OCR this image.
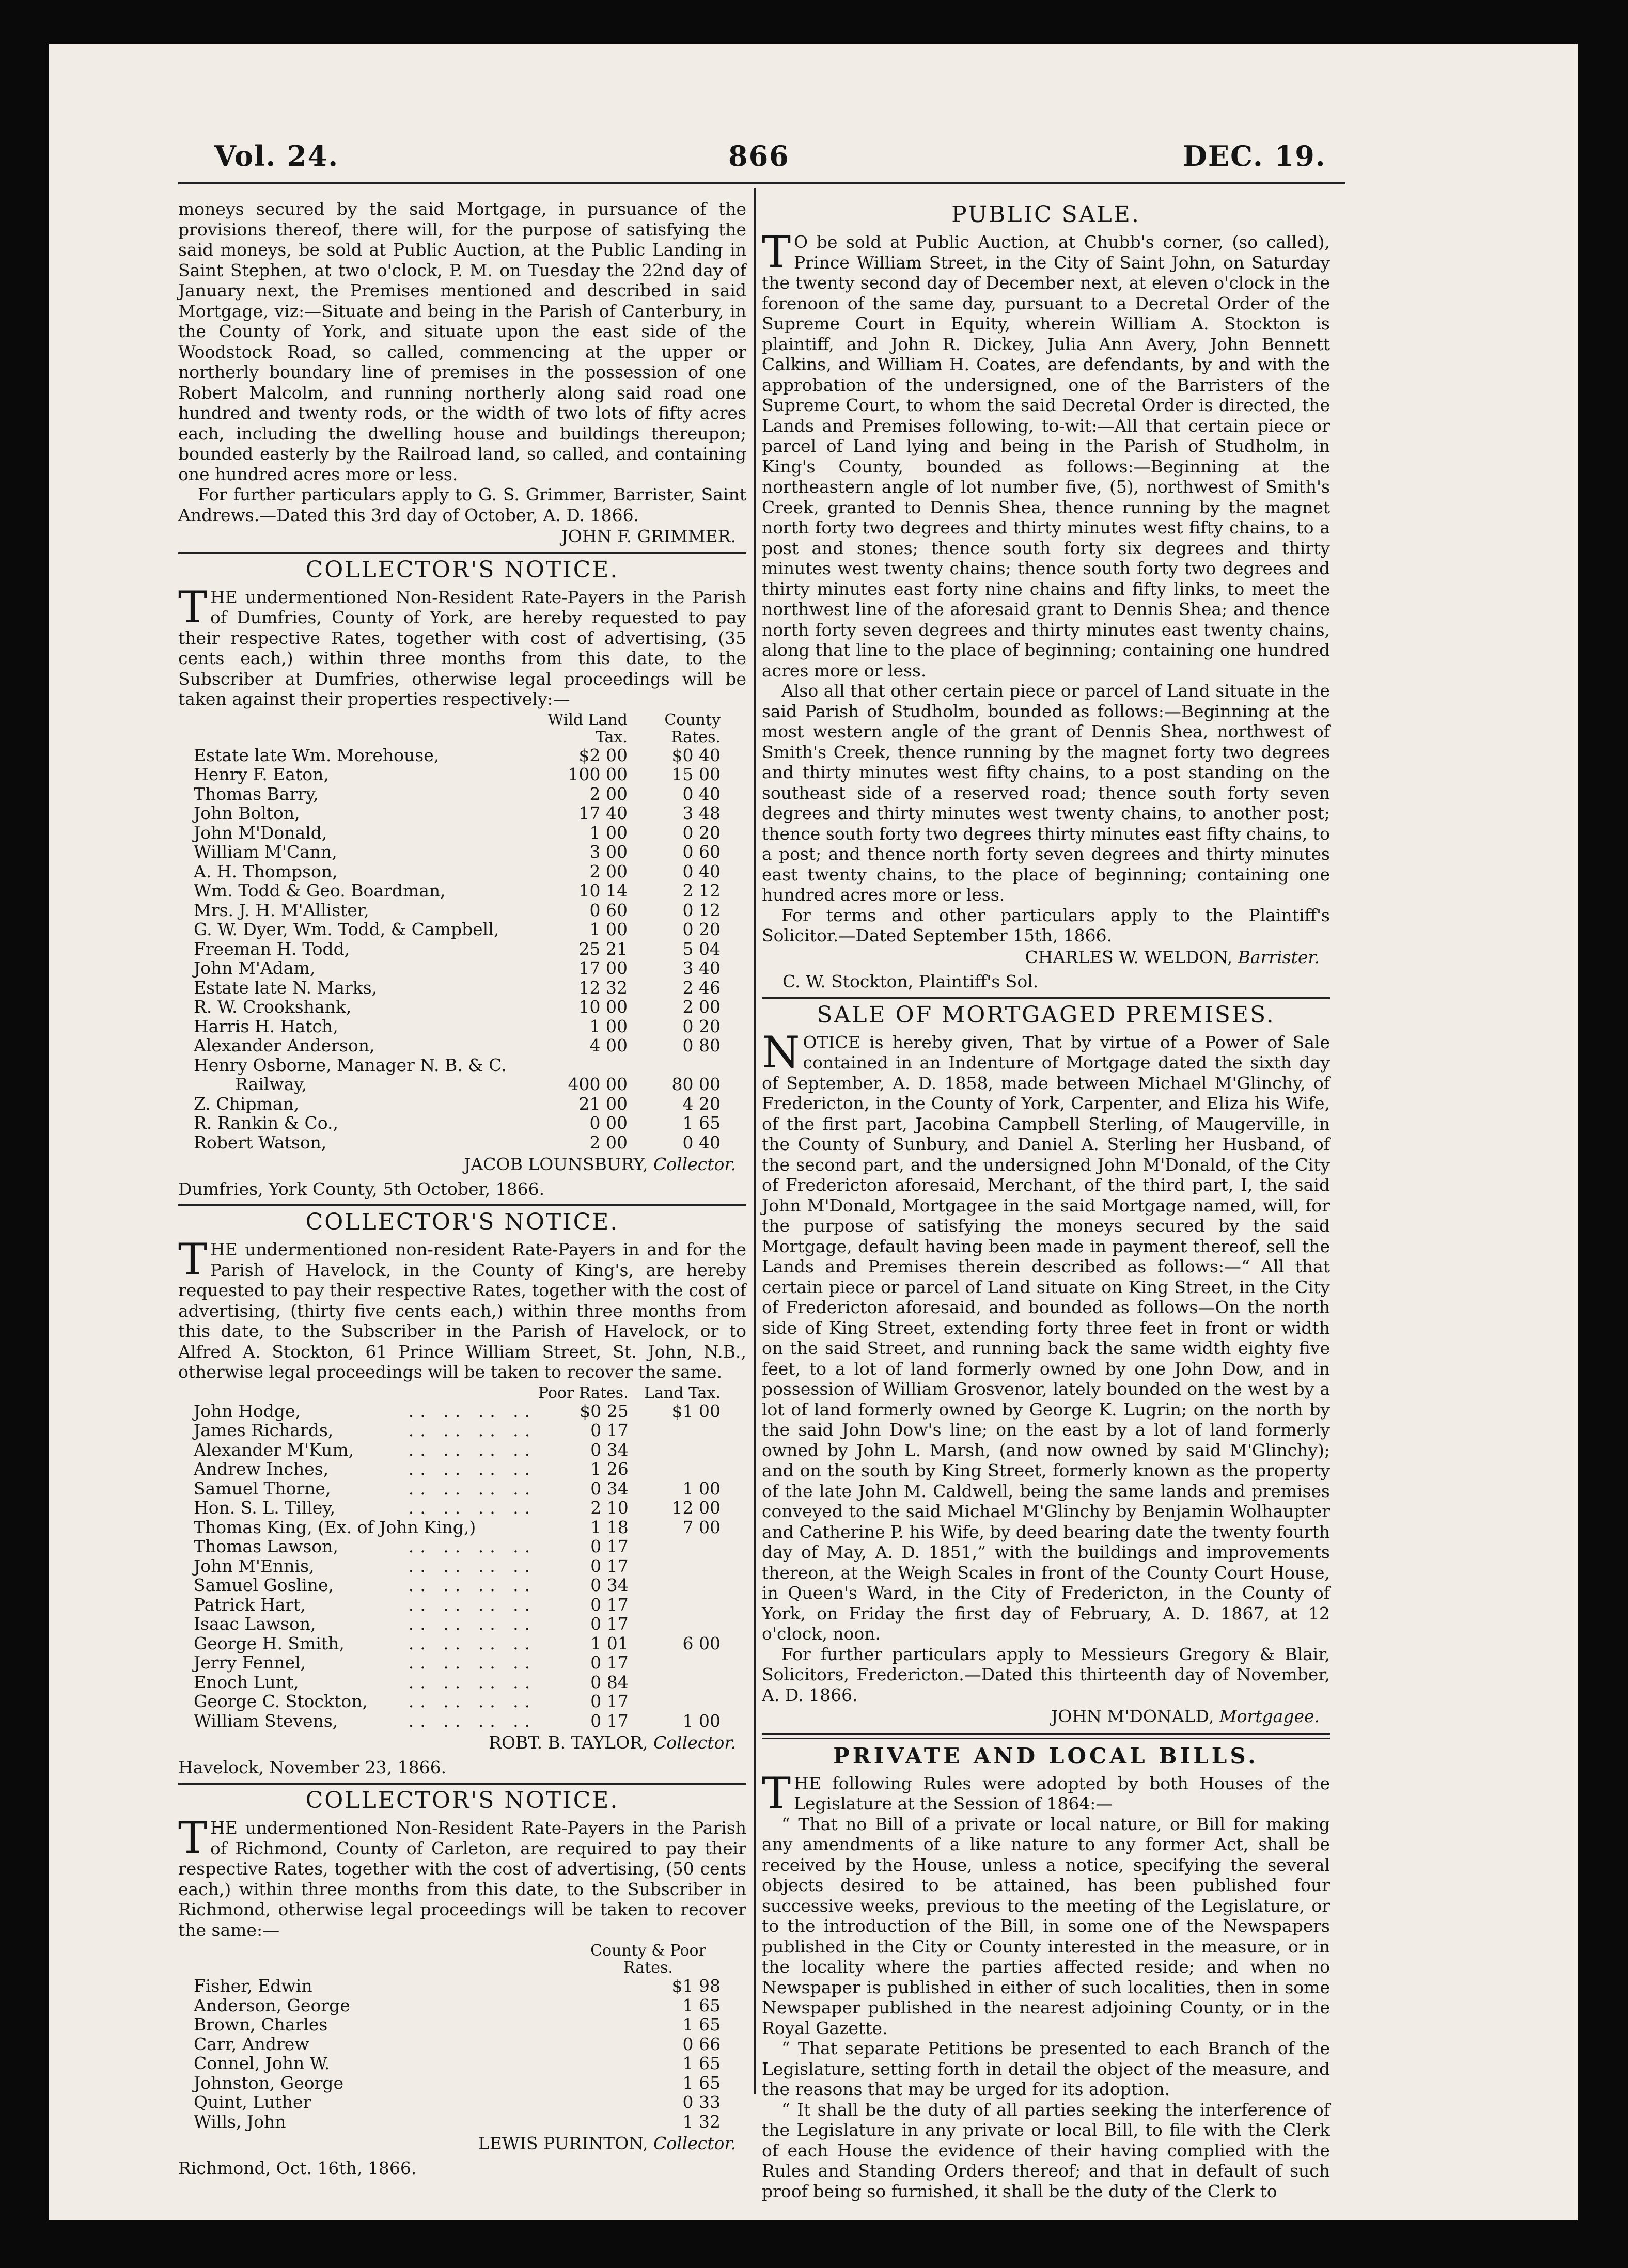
Vol. 24.	866	DEC. 19.

moneys secured by the said Mortgage, in pursuance of the provisions thereof, there will, for the purpose of satisfying the said moneys, be sold at Public Auction, at the Public Landing in Saint Stephen, at two o'clock, P. M. on Tuesday the 22nd day of January next, the Premises mentioned and described in said Mortgage, viz:—Situate and being in the Parish of Canterbury, in the County of York, and situate upon the east side of the Woodstock Road, so called, commencing at the upper or northerly boundary line of premises in the possession of one Robert Malcolm, and running northerly along said road one hundred and twenty rods, or the width of two lots of fifty acres each, including the dwelling house and buildings thereupon; bounded easterly by the Railroad land, so called, and containing one hundred acres more or less.

For further particulars apply to G. S. Grimmer, Barrister, Saint Andrews.—Dated this 3rd day of October, A. D. 1866.

JOHN F. GRIMMER.
COLLECTOR'S NOTICE.
T HE undermentioned Non-Resident Rate-Payers in the Parish of Dumfries, County of York, are hereby requested to pay their respective Rates, together with cost of advertising, (35 cents each,) within three months from this date, to the Subscriber at Dumfries, otherwise legal proceedings will be taken against their properties respectively:—

	Wild Land Tax.	County Rates.
Estate late Wm. Morehouse,	$2 00	$0 40
Henry F. Eaton,	100 00	15 00
Thomas Barry,	2 00	0 40
John Bolton,	17 40	3 48
John M'Donald,	1 00	0 20
William M'Cann,	3 00	0 60
A. H. Thompson,	2 00	0 40
Wm. Todd & Geo. Boardman,	10 14	2 12
Mrs. J. H. M'Allister,	0 60	0 12
G. W. Dyer, Wm. Todd, & Campbell,	1 00	0 20
Freeman H. Todd,	25 21	5 04
John M'Adam,	17 00	3 40
Estate late N. Marks,	12 32	2 46
R. W. Crookshank,	10 00	2 00
Harris H. Hatch,	1 00	0 20
Alexander Anderson,	4 00	0 80
Henry Osborne, Manager N. B. & C.		
Railway,	400 00	80 00
Z. Chipman,	21 00	4 20
R. Rankin & Co.,	0 00	1 65
Robert Watson,	2 00	0 40
JACOB LOUNSBURY, Collector.
Dumfries, York County, 5th October, 1866.
COLLECTOR'S NOTICE.
T HE undermentioned non-resident Rate-Payers in and for the Parish of Havelock, in the County of King's, are hereby requested to pay their respective Rates, together with the cost of advertising, (thirty five cents each,) within three months from this date, to the Subscriber in the Parish of Havelock, or to Alfred A. Stockton, 61 Prince William Street, St. John, N.B., otherwise legal proceedings will be taken to recover the same.

		Poor Rates.	Land Tax.
John Hodge,	.. .. .. ..	$0 25	$1 00
James Richards,	.. .. .. ..	0 17	
Alexander M'Kum,	.. .. .. ..	0 34	
Andrew Inches,	.. .. .. ..	1 26	
Samuel Thorne,	.. .. .. ..	0 34	1 00
Hon. S. L. Tilley,	.. .. .. ..	2 10	12 00
Thomas King, (Ex. of John King,)		1 18	7 00
Thomas Lawson,	.. .. .. ..	0 17	
John M'Ennis,	.. .. .. ..	0 17	
Samuel Gosline,	.. .. .. ..	0 34	
Patrick Hart,	.. .. .. ..	0 17	
Isaac Lawson,	.. .. .. ..	0 17	
George H. Smith,	.. .. .. ..	1 01	6 00
Jerry Fennel,	.. .. .. ..	0 17	
Enoch Lunt,	.. .. .. ..	0 84	
George C. Stockton,	.. .. .. ..	0 17	
William Stevens,	.. .. .. ..	0 17	1 00
ROBT. B. TAYLOR, Collector.
Havelock, November 23, 1866.
COLLECTOR'S NOTICE.
T HE undermentioned Non-Resident Rate-Payers in the Parish of Richmond, County of Carleton, are required to pay their respective Rates, together with the cost of advertising, (50 cents each,) within three months from this date, to the Subscriber in Richmond, otherwise legal proceedings will be taken to recover the same:—

	County & Poor Rates.
Fisher, Edwin	$1 98
Anderson, George	1 65
Brown, Charles	1 65
Carr, Andrew	0 66
Connel, John W.	1 65
Johnston, George	1 65
Quint, Luther	0 33
Wills, John	1 32
LEWIS PURINTON, Collector.
Richmond, Oct. 16th, 1866.
PUBLIC SALE.
T O be sold at Public Auction, at Chubb's corner, (so called), Prince William Street, in the City of Saint John, on Saturday the twenty second day of December next, at eleven o'clock in the forenoon of the same day, pursuant to a Decretal Order of the Supreme Court in Equity, wherein William A. Stockton is plaintiff, and John R. Dickey, Julia Ann Avery, John Bennett Calkins, and William H. Coates, are defendants, by and with the approbation of the undersigned, one of the Barristers of the Supreme Court, to whom the said Decretal Order is directed, the Lands and Premises following, to-wit:—All that certain piece or parcel of Land lying and being in the Parish of Studholm, in King's County, bounded as follows:—Beginning at the northeastern angle of lot number five, (5), northwest of Smith's Creek, granted to Dennis Shea, thence running by the magnet north forty two degrees and thirty minutes west fifty chains, to a post and stones; thence south forty six degrees and thirty minutes west twenty chains; thence south forty two degrees and thirty minutes east forty nine chains and fifty links, to meet the northwest line of the aforesaid grant to Dennis Shea; and thence north forty seven degrees and thirty minutes east twenty chains, along that line to the place of beginning; containing one hundred acres more or less.

Also all that other certain piece or parcel of Land situate in the said Parish of Studholm, bounded as follows:—Beginning at the most western angle of the grant of Dennis Shea, northwest of Smith's Creek, thence running by the magnet forty two degrees and thirty minutes west fifty chains, to a post standing on the southeast side of a reserved road; thence south forty seven degrees and thirty minutes west twenty chains, to another post; thence south forty two degrees thirty minutes east fifty chains, to a post; and thence north forty seven degrees and thirty minutes east twenty chains, to the place of beginning; containing one hundred acres more or less.

For terms and other particulars apply to the Plaintiff's Solicitor.—Dated September 15th, 1866.

CHARLES W. WELDON, Barrister.
C. W. Stockton, Plaintiff's Sol.
SALE OF MORTGAGED PREMISES.
N OTICE is hereby given, That by virtue of a Power of Sale contained in an Indenture of Mortgage dated the sixth day of September, A. D. 1858, made between Michael M'Glinchy, of Fredericton, in the County of York, Carpenter, and Eliza his Wife, of the first part, Jacobina Campbell Sterling, of Maugerville, in the County of Sunbury, and Daniel A. Sterling her Husband, of the second part, and the undersigned John M'Donald, of the City of Fredericton aforesaid, Merchant, of the third part, I, the said John M'Donald, Mortgagee in the said Mortgage named, will, for the purpose of satisfying the moneys secured by the said Mortgage, default having been made in payment thereof, sell the Lands and Premises therein described as follows:—“ All that certain piece or parcel of Land situate on King Street, in the City of Fredericton aforesaid, and bounded as follows—On the north side of King Street, extending forty three feet in front or width on the said Street, and running back the same width eighty five feet, to a lot of land formerly owned by one John Dow, and in possession of William Grosvenor, lately bounded on the west by a lot of land formerly owned by George K. Lugrin; on the north by the said John Dow's line; on the east by a lot of land formerly owned by John L. Marsh, (and now owned by said M'Glinchy); and on the south by King Street, formerly known as the property of the late John M. Caldwell, being the same lands and premises conveyed to the said Michael M'Glinchy by Benjamin Wolhaupter and Catherine P. his Wife, by deed bearing date the twenty fourth day of May, A. D. 1851,” with the buildings and improvements thereon, at the Weigh Scales in front of the County Court House, in Queen's Ward, in the City of Fredericton, in the County of York, on Friday the first day of February, A. D. 1867, at 12 o'clock, noon.

For further particulars apply to Messieurs Gregory & Blair, Solicitors, Fredericton.—Dated this thirteenth day of November, A. D. 1866.

JOHN M'DONALD, Mortgagee.
PRIVATE AND LOCAL BILLS.
T HE following Rules were adopted by both Houses of the Legislature at the Session of 1864:—

“ That no Bill of a private or local nature, or Bill for making any amendments of a like nature to any former Act, shall be received by the House, unless a notice, specifying the several objects desired to be attained, has been published four successive weeks, previous to the meeting of the Legislature, or to the introduction of the Bill, in some one of the Newspapers published in the City or County interested in the measure, or in the locality where the parties affected reside; and when no Newspaper is published in either of such localities, then in some Newspaper published in the nearest adjoining County, or in the Royal Gazette.

“ That separate Petitions be presented to each Branch of the Legislature, setting forth in detail the object of the measure, and the reasons that may be urged for its adoption.

“ It shall be the duty of all parties seeking the interference of the Legislature in any private or local Bill, to file with the Clerk of each House the evidence of their having complied with the Rules and Standing Orders thereof; and that in default of such proof being so furnished, it shall be the duty of the Clerk to
